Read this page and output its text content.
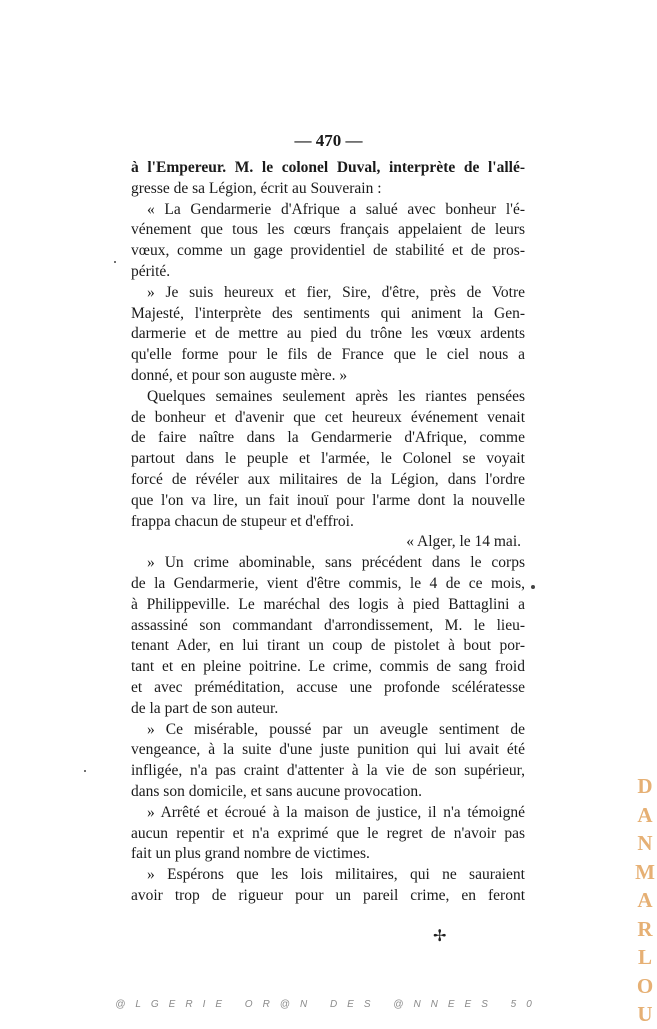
— 470 —
à l'Empereur. M. le colonel Duval, interprète de l'allé-
gresse de sa Légion, écrit au Souverain :
« La Gendarmerie d'Afrique a salué avec bonheur l'é-
vénement que tous les cœurs français appelaient de leurs
vœux, comme un gage providentiel de stabilité et de pros-
périté.
» Je suis heureux et fier, Sire, d'être, près de Votre
Majesté, l'interprète des sentiments qui animent la Gen-
darmerie et de mettre au pied du trône les vœux ardents
qu'elle forme pour le fils de France que le ciel nous a
donné, et pour son auguste mère. »
Quelques semaines seulement après les riantes pensées
de bonheur et d'avenir que cet heureux événement venait
de faire naître dans la Gendarmerie d'Afrique, comme
partout dans le peuple et l'armée, le Colonel se voyait
forcé de révéler aux militaires de la Légion, dans l'ordre
que l'on va lire, un fait inouï pour l'arme dont la nouvelle
frappa chacun de stupeur et d'effroi.
« Alger, le 14 mai.
» Un crime abominable, sans précédent dans le corps
de la Gendarmerie, vient d'être commis, le 4 de ce mois,
à Philippeville. Le maréchal des logis à pied Battaglini a
assassiné son commandant d'arrondissement, M. le lieu-
tenant Ader, en lui tirant un coup de pistolet à bout por-
tant et en pleine poitrine. Le crime, commis de sang froid
et avec préméditation, accuse une profonde scélératesse
de la part de son auteur.
» Ce misérable, poussé par un aveugle sentiment de
vengeance, à la suite d'une juste punition qui lui avait été
infligée, n'a pas craint d'attenter à la vie de son supérieur,
dans son domicile, et sans aucune provocation.
» Arrêté et écroué à la maison de justice, il n'a témoigné
aucun repentir et n'a exprimé que le regret de n'avoir pas
fait un plus grand nombre de victimes.
» Espérons que les lois militaires, qui ne sauraient
avoir trop de rigueur pour un pareil crime, en feront
✢
D
A
N
M
A
R
L
O
U
@LGERIE OR@N DES @NNEES 50
